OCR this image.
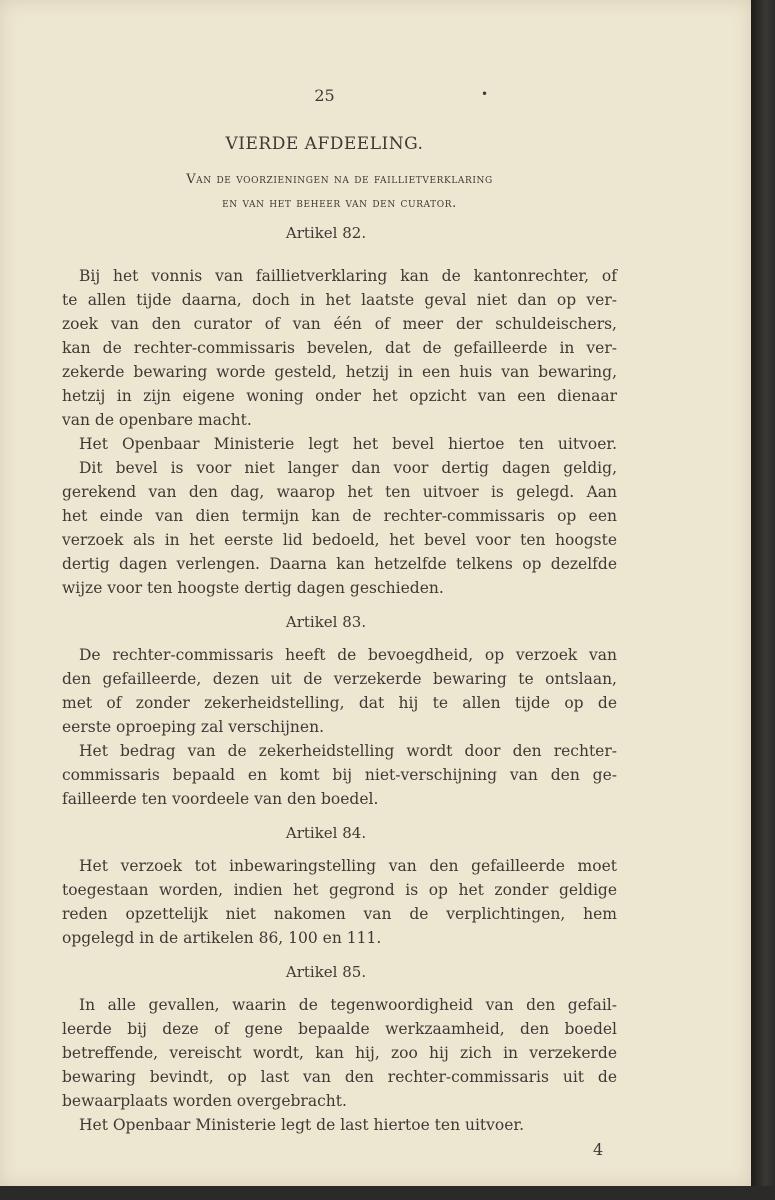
25	•
VIERDE AFDEELING.
Van de voorzieningen na de faillietverklaring
en van het beheer van den curator.
Artikel 82.
Bij het vonnis van faillietverklaring kan de kantonrechter, of
te allen tijde daarna, doch in het laatste geval niet dan op ver-
zoek van den curator of van één of meer der schuldeischers,
kan de rechter-commissaris bevelen, dat de gefailleerde in ver-
zekerde bewaring worde gesteld, hetzij in een huis van bewaring,
hetzij in zijn eigene woning onder het opzicht van een dienaar
van de openbare macht.
Het Openbaar Ministerie legt het bevel hiertoe ten uitvoer.
Dit bevel is voor niet langer dan voor dertig dagen geldig,
gerekend van den dag, waarop het ten uitvoer is gelegd. Aan
het einde van dien termijn kan de rechter-commissaris op een
verzoek als in het eerste lid bedoeld, het bevel voor ten hoogste
dertig dagen verlengen. Daarna kan hetzelfde telkens op dezelfde
wijze voor ten hoogste dertig dagen geschieden.
Artikel 83.
De rechter-commissaris heeft de bevoegdheid, op verzoek van
den gefailleerde, dezen uit de verzekerde bewaring te ontslaan,
met of zonder zekerheidstelling, dat hij te allen tijde op de
eerste oproeping zal verschijnen.
Het bedrag van de zekerheidstelling wordt door den rechter-
commissaris bepaald en komt bij niet-verschijning van den ge-
failleerde ten voordeele van den boedel.
Artikel 84.
Het verzoek tot inbewaringstelling van den gefailleerde moet
toegestaan worden, indien het gegrond is op het zonder geldige
reden opzettelijk niet nakomen van de verplichtingen, hem
opgelegd in de artikelen 86, 100 en 111.
Artikel 85.
In alle gevallen, waarin de tegenwoordigheid van den gefail-
leerde bij deze of gene bepaalde werkzaamheid, den boedel
betreffende, vereischt wordt, kan hij, zoo hij zich in verzekerde
bewaring bevindt, op last van den rechter-commissaris uit de
bewaarplaats worden overgebracht.
Het Openbaar Ministerie legt de last hiertoe ten uitvoer.
4
